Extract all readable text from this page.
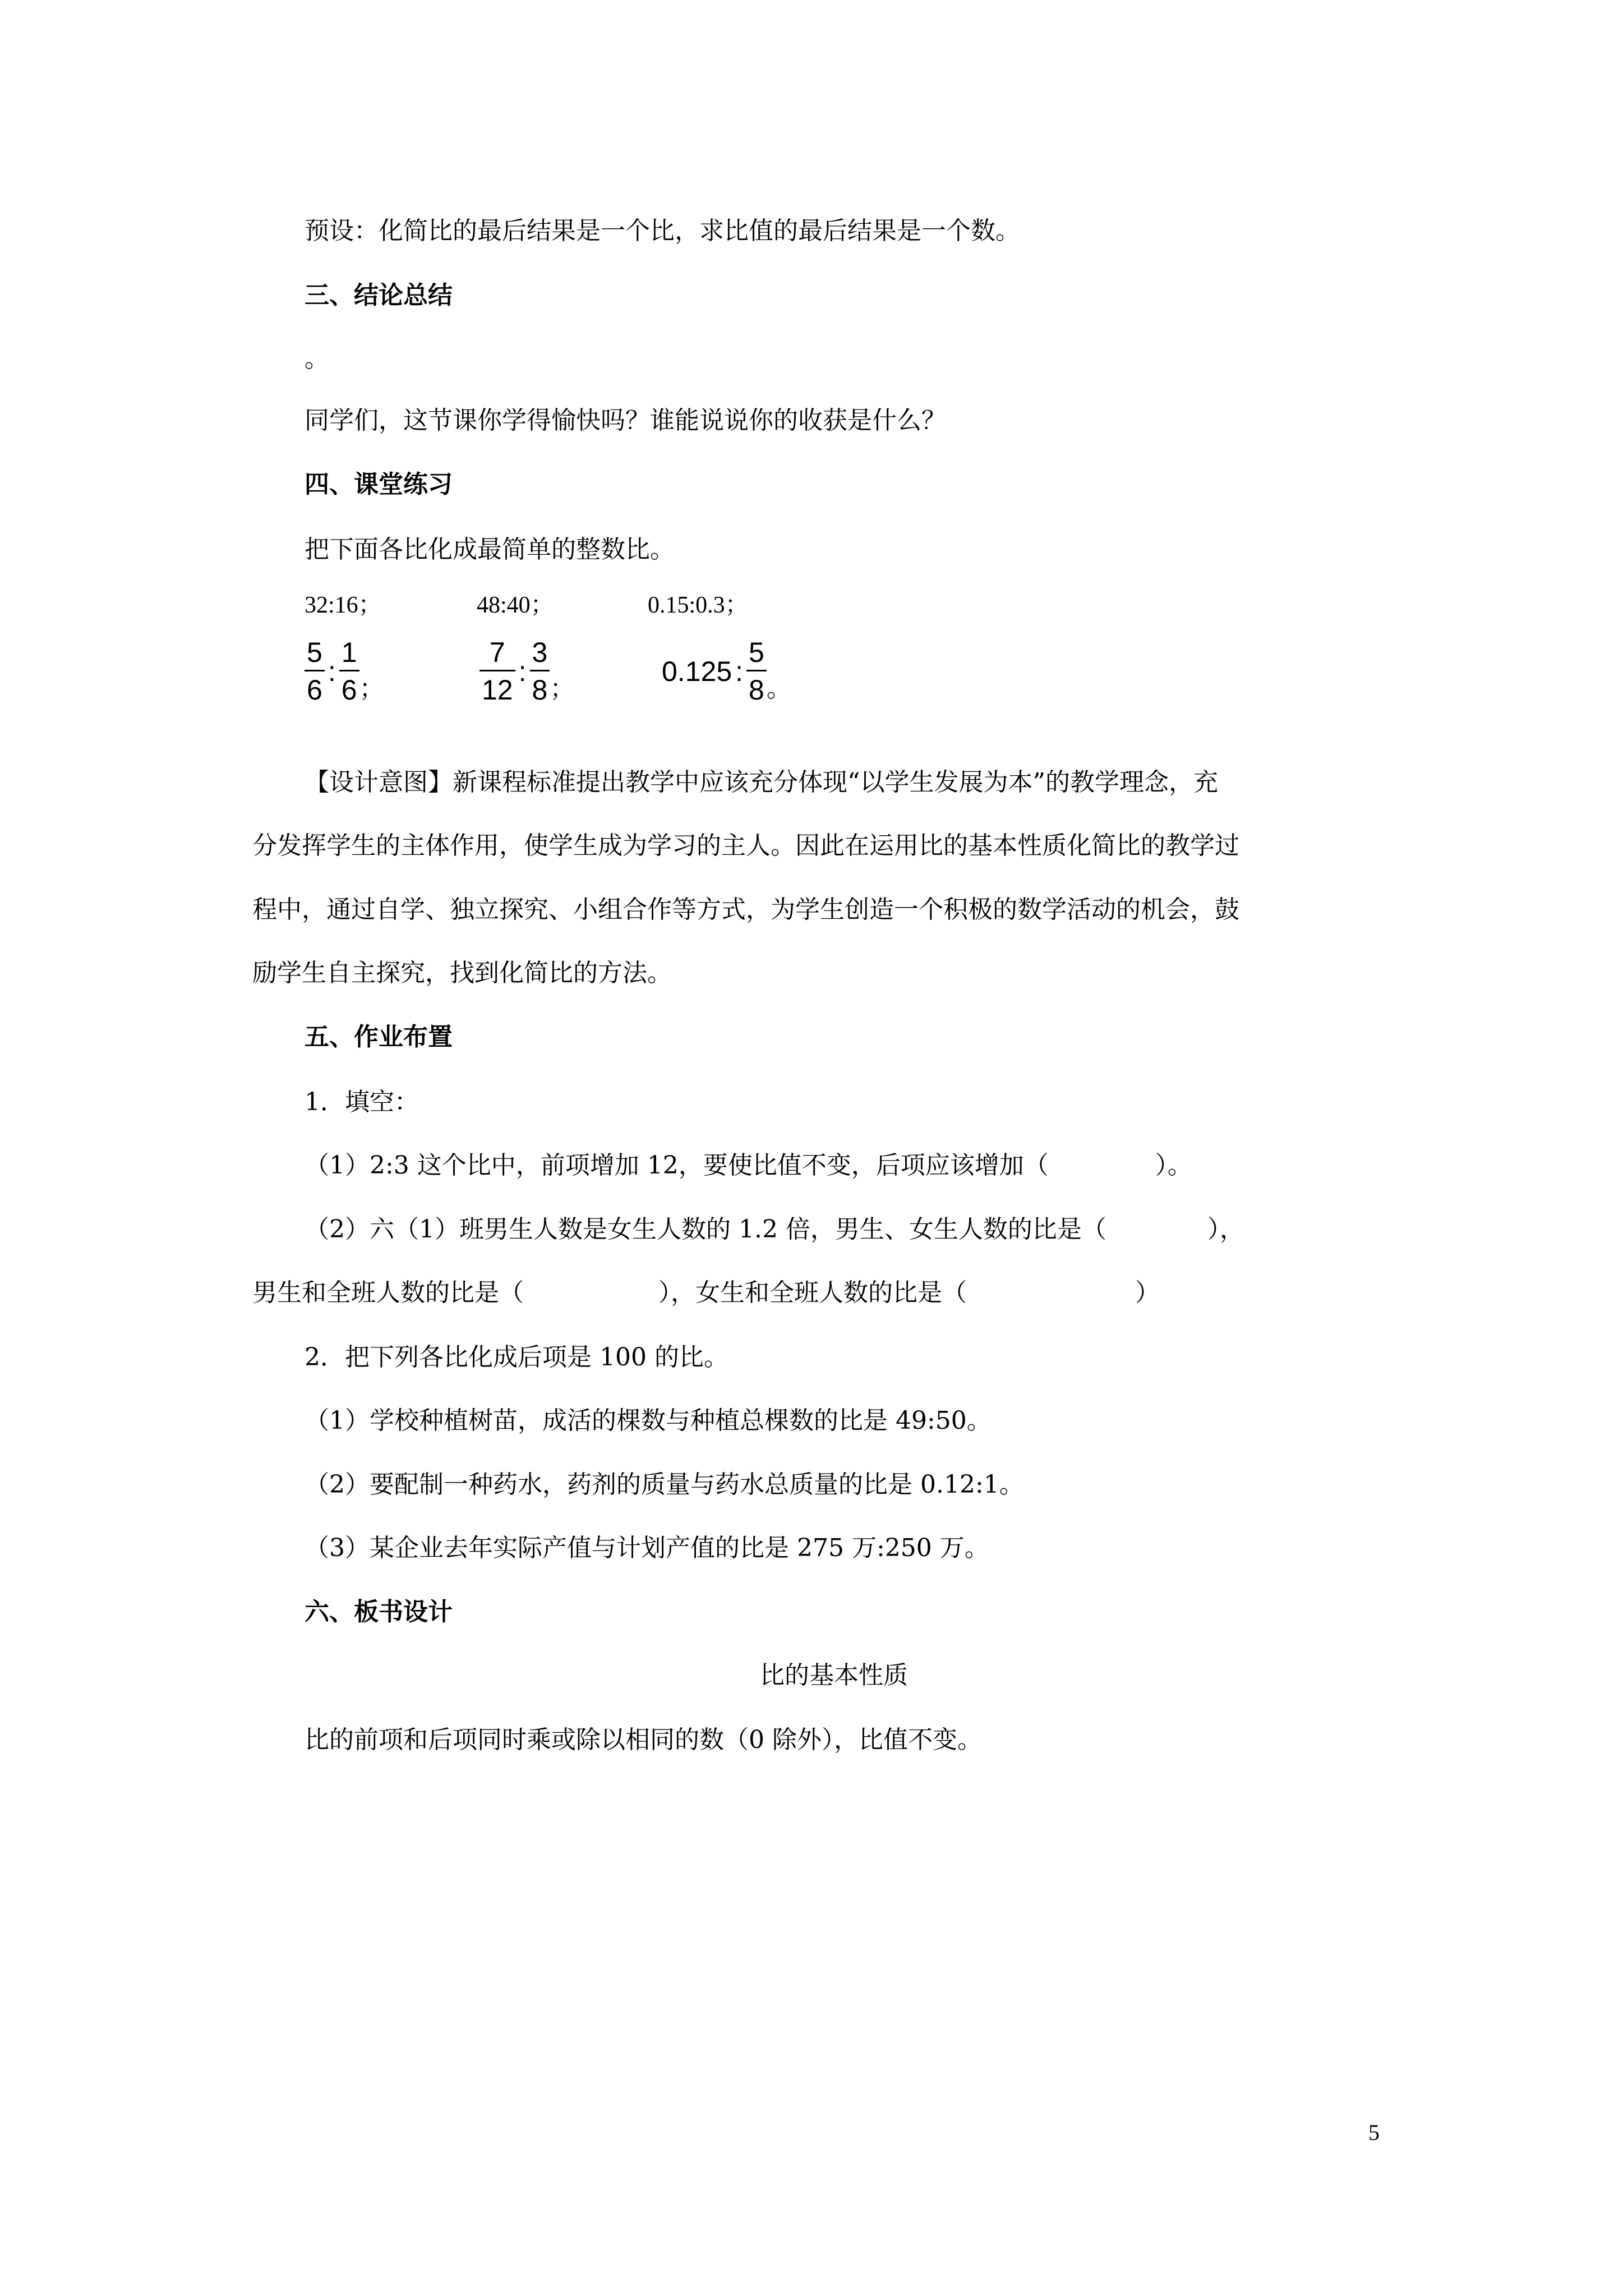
预设：化简比的最后结果是一个比，求比值的最后结果是一个数。
三、结论总结
。
同学们，这节课你学得愉快吗？谁能说说你的收获是什么？
四、课堂练习
把下面各比化成最简单的整数比。
32:16；	48:40；	0.15:0.3；
$\frac{5}{6}$ : $\frac{1}{6}$ ；	$\frac{7}{12}$ : $\frac{3}{8}$ ；
0.125 : $\frac{5}{8}$ 。
【设计意图】新课程标准提出教学中应该充分体现“以学生发展为本”的教学理念，充
分发挥学生的主体作用，使学生成为学习的主人。因此在运用比的基本性质化简比的教学过
程中，通过自学、独立探究、小组合作等方式，为学生创造一个积极的数学活动的机会，鼓
励学生自主探究，找到化简比的方法。
五、作业布置
1．填空：
（1）2:3 这个比中，前项增加 12，要使比值不变，后项应该增加（	）。
（2）六（1）班男生人数是女生人数的 1.2 倍，男生、女生人数的比是（	），
男生和全班人数的比是（	），女生和全班人数的比是（	）
2．把下列各比化成后项是 100 的比。
（1）学校种植树苗，成活的棵数与种植总棵数的比是 49:50。
（2）要配制一种药水，药剂的质量与药水总质量的比是 0.12:1。
（3）某企业去年实际产值与计划产值的比是 275 万:250 万。
六、板书设计
比的基本性质
比的前项和后项同时乘或除以相同的数（0 除外），比值不变。
5
